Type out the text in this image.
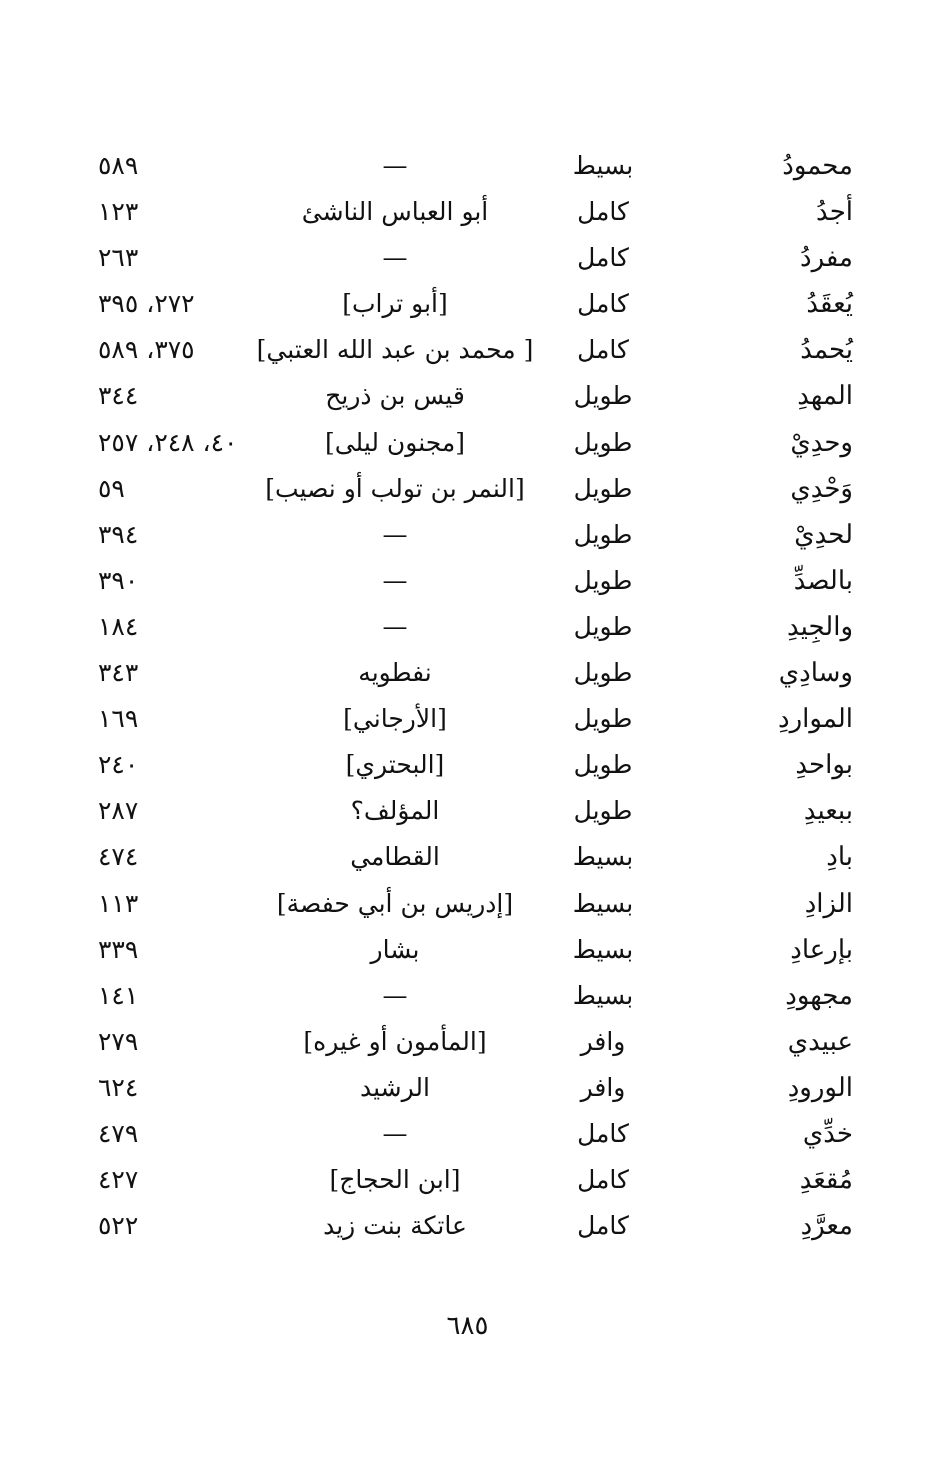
محمودُ
بسيط
—
٥٨٩
أجدُ
كامل
أبو العباس الناشئ
١٢٣
مفردُ
كامل
—
٢٦٣
يُعقَدُ
كامل
[أبو تراب]
٢٧٢، ٣٩٥
يُحمدُ
كامل
[ محمد بن عبد الله العتبي]
٣٧٥، ٥٨٩
المهدِ
طويل
قيس بن ذريح
٣٤٤
وحدِيْ
طويل
[مجنون ليلى]
٤٠، ٢٤٨، ٢٥٧
وَحْدِي
طويل
[النمر بن تولب أو نصيب]
٥٩
لحدِيْ
طويل
—
٣٩٤
بالصدِّ
طويل
—
٣٩٠
والجِيدِ
طويل
—
١٨٤
وسادِي
طويل
نفطويه
٣٤٣
المواردِ
طويل
[الأرجاني]
١٦٩
بواحدِ
طويل
[البحتري]
٢٤٠
ببعيدِ
طويل
المؤلف؟
٢٨٧
بادِ
بسيط
القطامي
٤٧٤
الزادِ
بسيط
[إدريس بن أبي حفصة]
١١٣
بإرعادِ
بسيط
بشار
٣٣٩
مجهودِ
بسيط
—
١٤١
عبيدي
وافر
[المأمون أو غيره]
٢٧٩
الورودِ
وافر
الرشيد
٦٢٤
خدِّي
كامل
—
٤٧٩
مُقعَدِ
كامل
[ابن الحجاج]
٤٢٧
معرَّدِ
كامل
عاتكة بنت زيد
٥٢٢
٦٨٥
